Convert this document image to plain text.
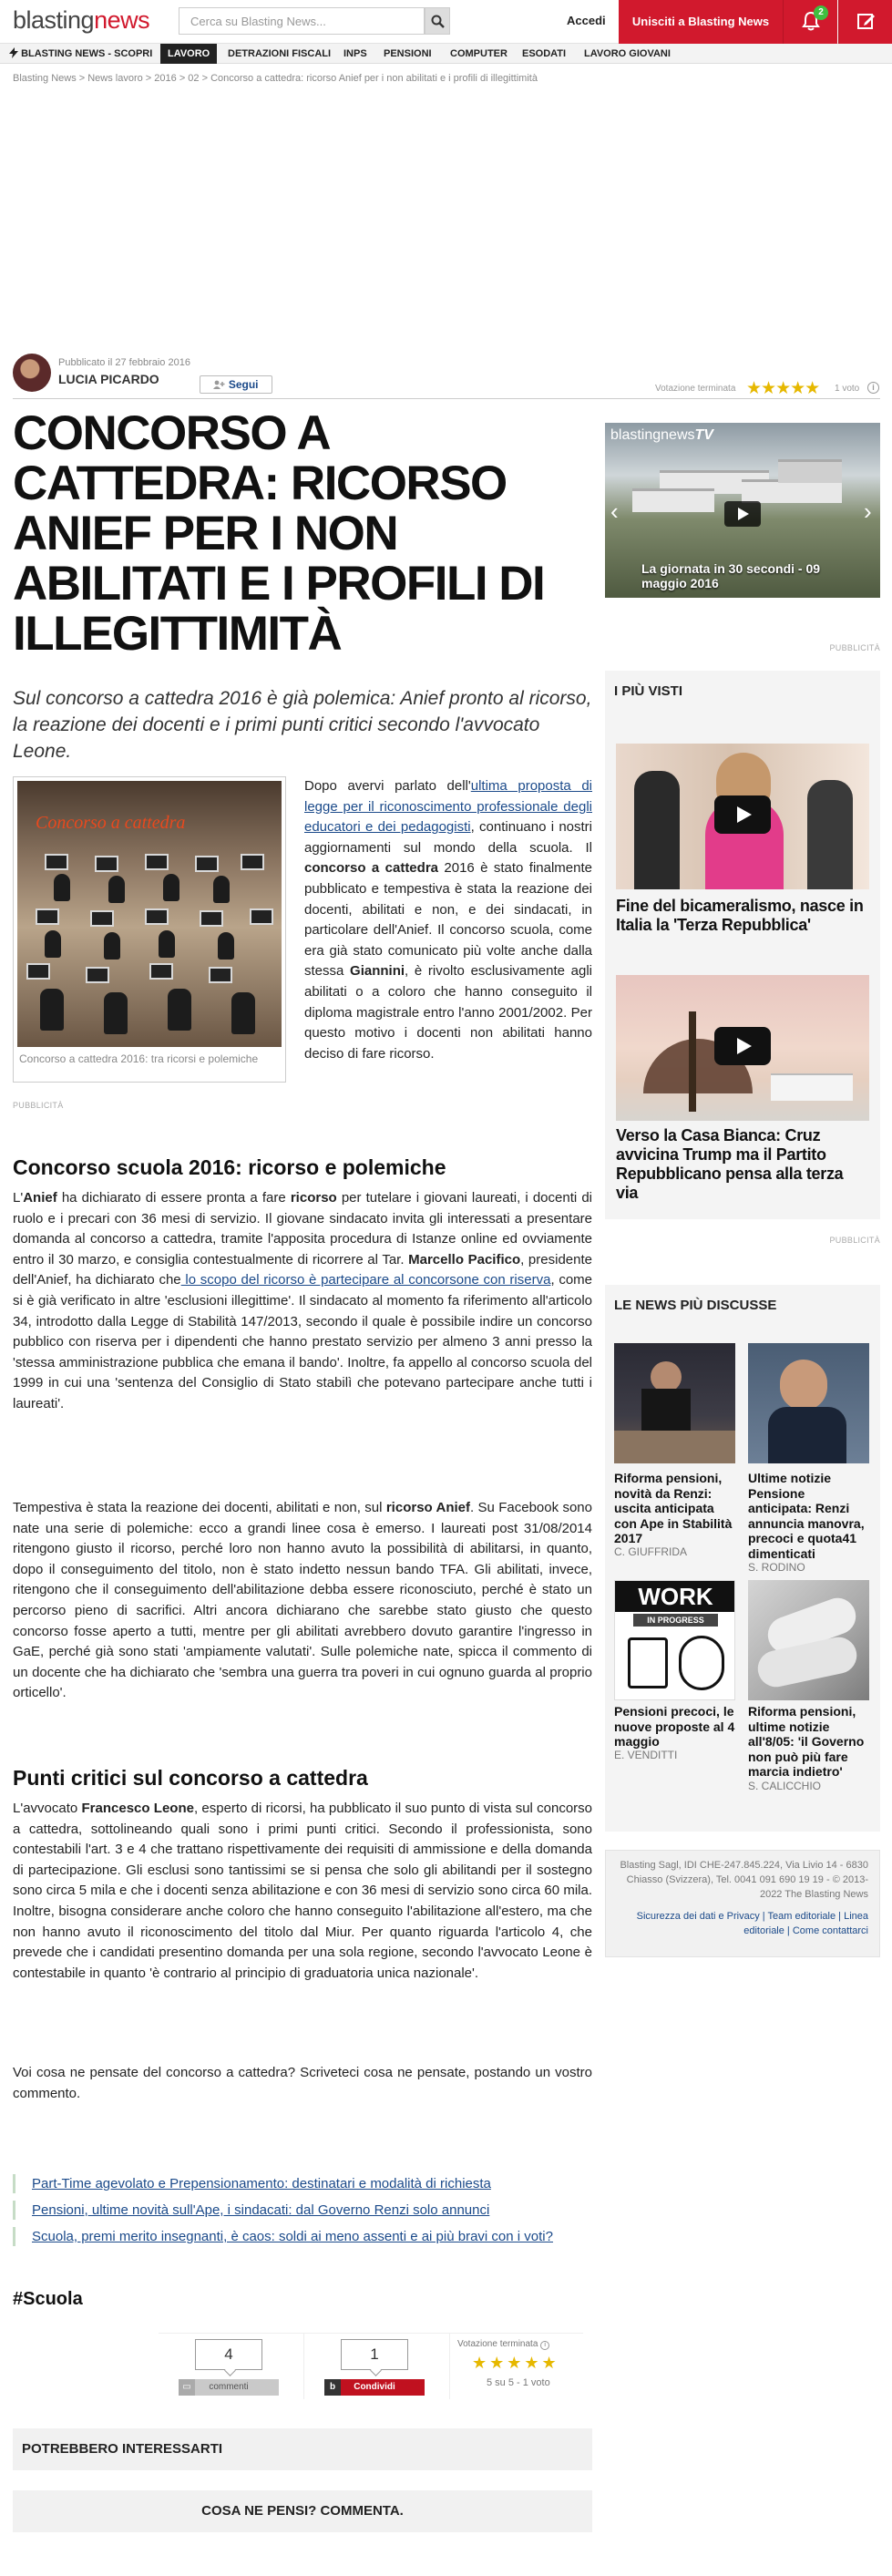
blastingnews	Cerca su Blasting News...	Accedi	Unisciti a Blasting News
2
BLASTING NEWS - SCOPRI	LAVORO	DETRAZIONI FISCALI INPS PENSIONI COMPUTER ESODATI LAVORO GIOVANI
Blasting News > News lavoro > 2016 > 02 > Concorso a cattedra: ricorso Anief per i non abilitati e i profili di illegittimità
Pubblicato il 27 febbraio 2016
LUCIA PICARDO	Segui	Votazione terminata ★★★★★ 1 voto	i
CONCORSO A CATTEDRA: RICORSO ANIEF PER I NON ABILITATI E I PROFILI DI ILLEGITTIMITÀ

Sul concorso a cattedra 2016 è già polemica: Anief pronto al ricorso, la reazione dei docenti e i primi punti critici secondo l'avvocato Leone.

Concorso a cattedra
Concorso a cattedra 2016: tra ricorsi e polemiche
PUBBLICITÀ

Dopo avervi parlato dell'ultima proposta di legge per il riconoscimento professionale degli educatori e dei pedagogisti, continuano i nostri aggiornamenti sul mondo della scuola. Il concorso a cattedra 2016 è stato finalmente pubblicato e tempestiva è stata la reazione dei docenti, abilitati e non, e dei sindacati, in particolare dell'Anief. Il concorso scuola, come era già stato comunicato più volte anche dalla stessa Giannini, è rivolto esclusivamente agli abilitati o a coloro che hanno conseguito il diploma magistrale entro l'anno 2001/2002. Per questo motivo i docenti non abilitati hanno deciso di fare ricorso.

Concorso scuola 2016: ricorso e polemiche

L'Anief ha dichiarato di essere pronta a fare ricorso per tutelare i giovani laureati, i docenti di ruolo e i precari con 36 mesi di servizio. Il giovane sindacato invita gli interessati a presentare domanda al concorso a cattedra, tramite l'apposita procedura di Istanze online ed ovviamente entro il 30 marzo, e consiglia contestualmente di ricorrere al Tar. Marcello Pacifico, presidente dell'Anief, ha dichiarato che lo scopo del ricorso è partecipare al concorsone con riserva, come si è già verificato in altre 'esclusioni illegittime'. Il sindacato al momento fa riferimento all'articolo 34, introdotto dalla Legge di Stabilità 147/2013, secondo il quale è possibile indire un concorso pubblico con riserva per i dipendenti che hanno prestato servizio per almeno 3 anni presso la 'stessa amministrazione pubblica che emana il bando'. Inoltre, fa appello al concorso scuola del 1999 in cui una 'sentenza del Consiglio di Stato stabilì che potevano partecipare anche tutti i laureati'.

Tempestiva è stata la reazione dei docenti, abilitati e non, sul ricorso Anief. Su Facebook sono nate una serie di polemiche: ecco a grandi linee cosa è emerso. I laureati post 31/08/2014 ritengono giusto il ricorso, perché loro non hanno avuto la possibilità di abilitarsi, in quanto, dopo il conseguimento del titolo, non è stato indetto nessun bando TFA. Gli abilitati, invece, ritengono che il conseguimento dell'abilitazione debba essere riconosciuto, perché è stato un percorso pieno di sacrifici. Altri ancora dichiarano che sarebbe stato giusto che questo concorso fosse aperto a tutti, mentre per gli abilitati avrebbero dovuto garantire l'ingresso in GaE, perché già sono stati 'ampiamente valutati'. Sulle polemiche nate, spicca il commento di un docente che ha dichiarato che 'sembra una guerra tra poveri in cui ognuno guarda al proprio orticello'.

Punti critici sul concorso a cattedra

L'avvocato Francesco Leone, esperto di ricorsi, ha pubblicato il suo punto di vista sul concorso a cattedra, sottolineando quali sono i primi punti critici. Secondo il professionista, sono contestabili l'art. 3 e 4 che trattano rispettivamente dei requisiti di ammissione e della domanda di partecipazione. Gli esclusi sono tantissimi se si pensa che solo gli abilitandi per il sostegno sono circa 5 mila e che i docenti senza abilitazione e con 36 mesi di servizio sono circa 60 mila. Inoltre, bisogna considerare anche coloro che hanno conseguito l'abilitazione all'estero, ma che non hanno avuto il riconoscimento del titolo dal Miur. Per quanto riguarda l'articolo 4, che prevede che i candidati presentino domanda per una sola regione, secondo l'avvocato Leone è contestabile in quanto 'è contrario al principio di graduatoria unica nazionale'.

Voi cosa ne pensate del concorso a cattedra? Scriveteci cosa ne pensate, postando un vostro commento.

Part-Time agevolato e Prepensionamento: destinatari e modalità di richiesta
Pensioni, ultime novità sull'Ape, i sindacati: dal Governo Renzi solo annunci
Scuola, premi merito insegnanti, è caos: soldi ai meno assenti e ai più bravi con i voti?
#Scuola
4
▭	commenti
1
b	Condividi
Votazione terminata i
★★★★★
5 su 5 - 1 voto
POTREBBERO INTERESSARTI
COSA NE PENSI? COMMENTA.
blastingnewsTV
‹	›
La giornata in 30 secondi - 09 maggio 2016
PUBBLICITÀ
I PIÙ VISTI
Fine del bicameralismo, nasce in Italia la 'Terza Repubblica'
Verso la Casa Bianca: Cruz avvicina Trump ma il Partito Repubblicano pensa alla terza via
PUBBLICITÀ
LE NEWS PIÙ DISCUSSE
Riforma pensioni, novità da Renzi: uscita anticipata con Ape in Stabilità 2017
C. GIUFFRIDA
Ultime notizie Pensione anticipata: Renzi annuncia manovra, precoci e quota41 dimenticati
S. RODINO
WORK
IN PROGRESS
Pensioni precoci, le nuove proposte al 4 maggio
E. VENDITTI
Riforma pensioni, ultime notizie all'8/05: 'il Governo non può più fare marcia indietro'
S. CALICCHIO
Blasting Sagl, IDI CHE-247.845.224, Via Livio 14 - 6830 Chiasso (Svizzera), Tel. 0041 091 690 19 19 - © 2013-2022 The Blasting News
Sicurezza dei dati e Privacy | Team editoriale | Linea editoriale | Come contattarci
